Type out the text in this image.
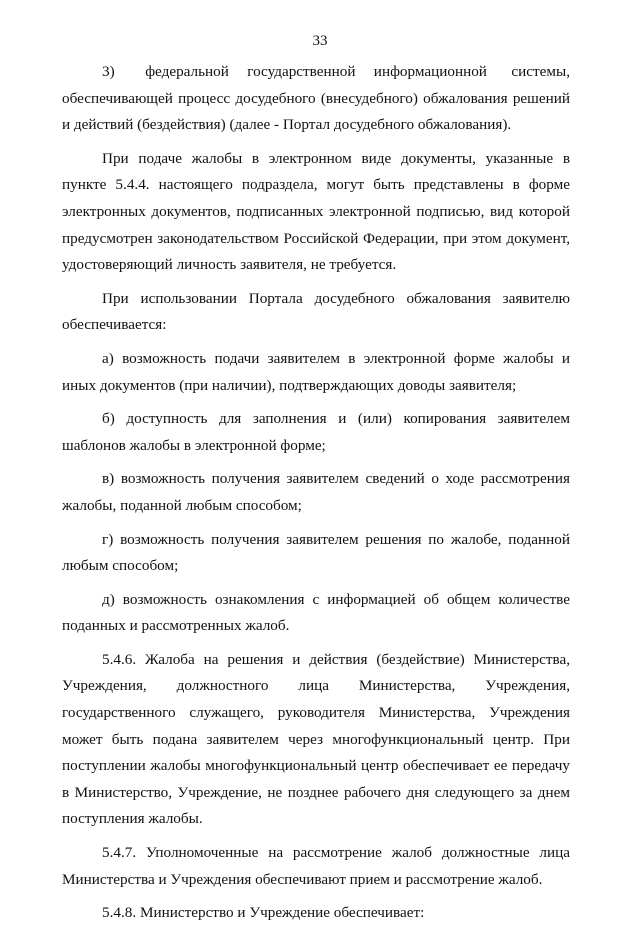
33

3)     федеральной   государственной   информационной    системы, обеспечивающей процесс досудебного (внесудебного) обжалования решений и действий (бездействия) (далее - Портал досудебного обжалования).

При подаче жалобы в электронном виде документы, указанные в пункте 5.4.4. настоящего подраздела, могут быть представлены в форме электронных документов, подписанных электронной подписью, вид которой предусмотрен законодательством Российской Федерации, при этом документ, удостоверяющий личность заявителя, не требуется.

При использовании Портала досудебного обжалования заявителю обеспечивается:

а) возможность подачи заявителем в электронной форме жалобы и иных документов (при наличии), подтверждающих доводы заявителя;

б) доступность для заполнения и (или) копирования заявителем шаблонов жалобы в электронной форме;

в) возможность получения заявителем сведений о ходе рассмотрения жалобы, поданной любым способом;

г) возможность получения заявителем решения по жалобе, поданной любым способом;

д) возможность ознакомления с информацией об общем количестве поданных и рассмотренных жалоб.

5.4.6. Жалоба на решения и действия (бездействие) Министерства, Учреждения, должностного лица Министерства, Учреждения, государственного служащего, руководителя Министерства, Учреждения может быть подана заявителем через многофункциональный центр. При поступлении жалобы многофункциональный центр обеспечивает ее передачу в Министерство, Учреждение, не позднее рабочего дня следующего за днем поступления жалобы.

5.4.7. Уполномоченные на рассмотрение жалоб должностные лица Министерства и Учреждения обеспечивают прием и рассмотрение жалоб.

5.4.8. Министерство и Учреждение обеспечивает:
